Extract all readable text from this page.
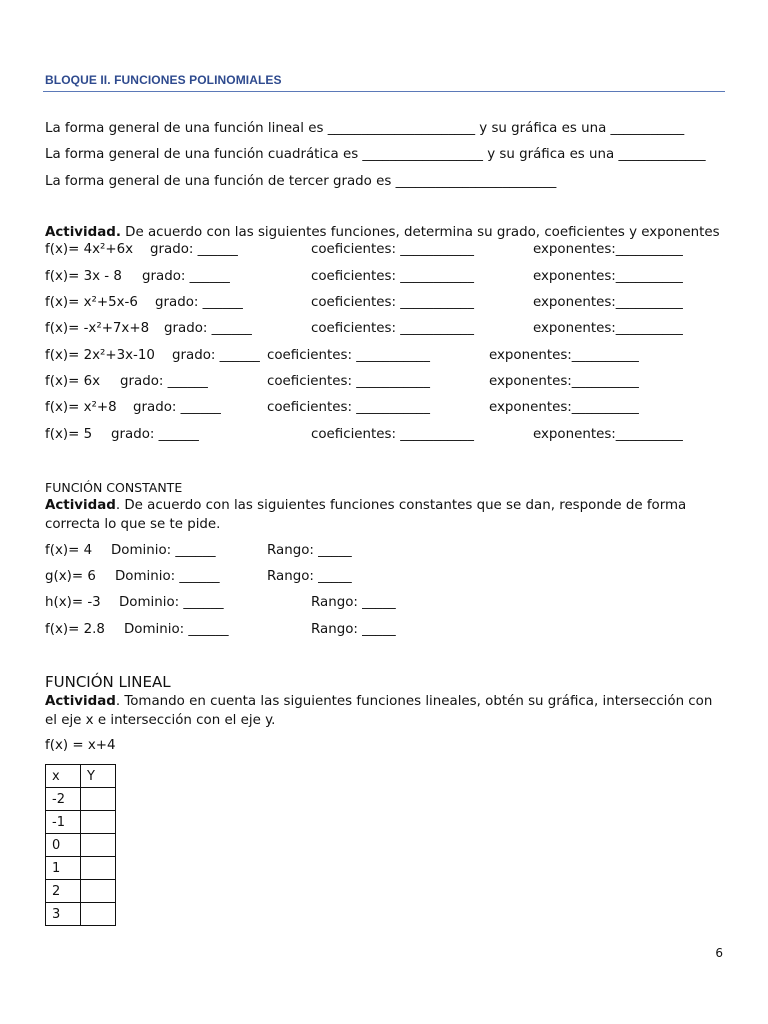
BLOQUE II. FUNCIONES POLINOMIALES
La forma general de una función lineal es ______________________ y su gráfica es una ___________
La forma general de una función cuadrática es __________________ y su gráfica es una _____________
La forma general de una función de tercer grado es ________________________
Actividad. De acuerdo con las siguientes funciones, determina su grado, coeficientes y exponentes
f(x)= 4x²+6x grado: ______	coeficientes: ___________	exponentes:__________
f(x)= 3x - 8 grado: ______	coeficientes: ___________	exponentes:__________
f(x)= x²+5x-6 grado: ______	coeficientes: ___________	exponentes:__________
f(x)= -x²+7x+8 grado: ______	coeficientes: ___________	exponentes:__________
f(x)= 2x²+3x-10 grado: ______ coeficientes: ___________	exponentes:__________
f(x)= 6x grado: ______	coeficientes: ___________	exponentes:__________
f(x)= x²+8 grado: ______	coeficientes: ___________	exponentes:__________
f(x)= 5 grado: ______	coeficientes: ___________	exponentes:__________
FUNCIÓN CONSTANTE
Actividad. De acuerdo con las siguientes funciones constantes que se dan, responde de forma correcta lo que se te pide.
f(x)= 4 Dominio: ______	Rango: _____
g(x)= 6 Dominio: ______	Rango: _____
h(x)= -3 Dominio: ______	Rango: _____
f(x)= 2.8 Dominio: ______	Rango: _____
FUNCIÓN LINEAL
Actividad. Tomando en cuenta las siguientes funciones lineales, obtén su gráfica, intersección con el eje x e intersección con el eje y.
f(x) = x+4
x	Y
-2	
-1	
0	
1	
2	
3	
6
